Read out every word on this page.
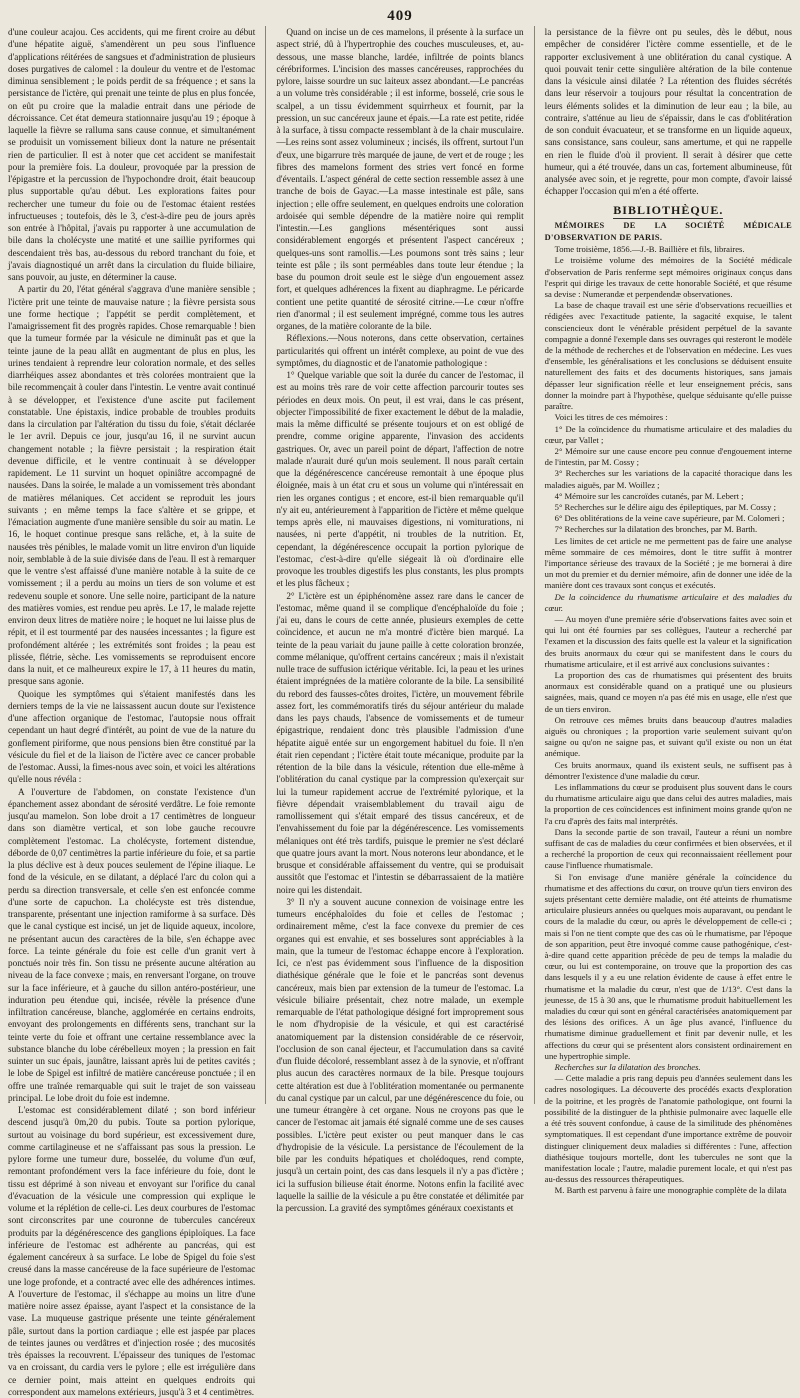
409

d'une couleur acajou. Ces accidents, qui me firent croire au début d'une hépatite aiguë, s'amendèrent un peu sous l'influence d'applications réitérées de sangsues et d'administration de plusieurs doses purgatives de calomel : la douleur du ventre et de l'estomac diminua sensiblement ; le poids perdit de sa fréquence ; et sans la persistance de l'ictère, qui prenait une teinte de plus en plus foncée, on eût pu croire que la maladie entrait dans une période de décroissance. Cet état demeura stationnaire jusqu'au 19 ; époque à laquelle la fièvre se ralluma sans cause connue, et simultanément se produisit un vomissement bilieux dont la nature ne présentait rien de particulier. Il est à noter que cet accident se manifestait pour la première fois. La douleur, provoquée par la pression de l'épigastre et la percussion de l'hypochondre droit, était beaucoup plus supportable qu'au début. Les explorations faites pour rechercher une tumeur du foie ou de l'estomac étaient restées infructueuses ; toutefois, dès le 3, c'est-à-dire peu de jours après son entrée à l'hôpital, j'avais pu rapporter à une accumulation de bile dans la cholécyste une matité et une saillie pyriformes qui descendaient très bas, au-dessous du rebord tranchant du foie, et j'avais diagnostiqué un arrêt dans la circulation du fluide biliaire, sans pouvoir, au juste, en déterminer la cause.

A partir du 20, l'état général s'aggrava d'une manière sensible ; l'ictère prit une teinte de mauvaise nature ; la fièvre persista sous une forme hectique ; l'appétit se perdit complètement, et l'amaigrissement fit des progrès rapides. Chose remarquable ! bien que la tumeur formée par la vésicule ne diminuât pas et que la teinte jaune de la peau allât en augmentant de plus en plus, les urines tendaient à reprendre leur coloration normale, et des selles diarrhéiques assez abondantes et très colorées montraient que la bile recommençait à couler dans l'intestin. Le ventre avait continué à se développer, et l'existence d'une ascite put facilement constatable. Une épistaxis, indice probable de troubles produits dans la circulation par l'altération du tissu du foie, s'était déclarée le 1er avril. Depuis ce jour, jusqu'au 16, il ne survint aucun changement notable ; la fièvre persistait ; la respiration était devenue difficile, et le ventre continuait à se développer rapidement. Le 11 survint un hoquet opiniâtre accompagné de nausées. Dans la soirée, le malade a un vomissement très abondant de matières mélaniques. Cet accident se reproduit les jours suivants ; en même temps la face s'altère et se grippe, et l'émaciation augmente d'une manière sensible du soir au matin. Le 16, le hoquet continue presque sans relâche, et, à la suite de nausées très pénibles, le malade vomit un litre environ d'un liquide noir, semblable à de la suie divisée dans de l'eau. Il est à remarquer que le ventre s'est affaissé d'une manière notable à la suite de ce vomissement ; il a perdu au moins un tiers de son volume et est redevenu souple et sonore. Une selle noire, participant de la nature des matières vomies, est rendue peu après. Le 17, le malade rejette environ deux litres de matière noire ; le hoquet ne lui laisse plus de répit, et il est tourmenté par des nausées incessantes ; la figure est profondément altérée ; les extrémités sont froides ; la peau est plissée, flétrie, sèche. Les vomissements se reproduisent encore dans la nuit, et ce malheureux expire le 17, à 11 heures du matin, presque sans agonie.

Quoique les symptômes qui s'étaient manifestés dans les derniers temps de la vie ne laissassent aucun doute sur l'existence d'une affection organique de l'estomac, l'autopsie nous offrait cependant un haut degré d'intérêt, au point de vue de la nature du gonflement piriforme, que nous pensions bien être constitué par la vésicule du fiel et de la liaison de l'ictère avec ce cancer probable de l'estomac. Aussi, la fimes-nous avec soin, et voici les altérations qu'elle nous révéla :

A l'ouverture de l'abdomen, on constate l'existence d'un épanchement assez abondant de sérosité verdâtre. Le foie remonte jusqu'au mamelon. Son lobe droit a 17 centimètres de longueur dans son diamètre vertical, et son lobe gauche recouvre complètement l'estomac. La cholécyste, fortement distendue, déborde de 0,07 centimètres la partie inférieure du foie, et sa partie la plus déclive est à deux pouces seulement de l'épine iliaque. Le fond de la vésicule, en se dilatant, a déplacé l'arc du colon qui a perdu sa direction transversale, et celle s'en est enfoncée comme d'une sorte de capuchon. La cholécyste est très distendue, transparente, présentant une injection ramiforme à sa surface. Dès que le canal cystique est incisé, un jet de liquide aqueux, incolore, ne présentant aucun des caractères de la bile, s'en échappe avec force. La teinte générale du foie est celle d'un granit vert à ponctués noir très fin. Son tissu ne présente aucune altération au niveau de la face convexe ; mais, en renversant l'organe, on trouve sur la face inférieure, et à gauche du sillon antéro-postérieur, une induration peu étendue qui, incisée, révèle la présence d'une infiltration cancéreuse, blanche, agglomérée en certains endroits, envoyant des prolongements en différents sens, tranchant sur la teinte verte du foie et offrant une certaine ressemblance avec la substance blanche du lobe cérébelleux moyen ; la pression en fait suinter un suc épais, jaunâtre, laissant après lui de petites cavités ; le lobe de Spigel est infiltré de matière cancéreuse ponctuée ; il en offre une traînée remarquable qui suit le trajet de son vaisseau principal. Le lobe droit du foie est indemne.

L'estomac est considérablement dilaté ; son bord inférieur descend jusqu'à 0m,20 du pubis. Toute sa portion pylorique, surtout au voisinage du bord supérieur, est excessivement dure, comme cartilagineuse et ne s'affaissant pas sous la pression. Le pylore forme une tumeur dure, bosselée, du volume d'un œuf, remontant profondément vers la face inférieure du foie, dont le tissu est déprimé à son niveau et envoyant sur l'orifice du canal d'évacuation de la vésicule une compression qui explique le volume et la réplétion de celle-ci. Les deux courbures de l'estomac sont circonscrites par une couronne de tubercules cancéreux produits par la dégénérescence des ganglions épiploïques. La face inférieure de l'estomac est adhérente au pancréas, qui est également cancéreux à sa surface. Le lobe de Spigel du foie s'est creusé dans la masse cancéreuse de la face supérieure de l'estomac une loge profonde, et a contracté avec elle des adhérences intimes. A l'ouverture de l'estomac, il s'échappe au moins un litre d'une matière noire assez épaisse, ayant l'aspect et la consistance de la vase. La muqueuse gastrique présente une teinte généralement pâle, surtout dans la portion cardiaque ; elle est jaspée par places de teintes jaunes ou verdâtres et d'injection rosée ; des mucosités très épaisses la recouvrent. L'épaisseur des tuniques de l'estomac va en croissant, du cardia vers le pylore ; elle est irrégulière dans ce dernier point, mais atteint en quelques endroits qui correspondent aux mamelons extérieurs, jusqu'à 3 et 4 centimètres.

Quand on incise un de ces mamelons, il présente à la surface un aspect strié, dû à l'hypertrophie des couches musculeuses, et, au-dessous, une masse blanche, lardée, infiltrée de points blancs cérébriformes. L'incision des masses cancéreuses, rapprochées du pylore, laisse sourdre un suc laiteux assez abondant.—Le pancréas a un volume très considérable ; il est informe, bosselé, crie sous le scalpel, a un tissu évidemment squirrheux et fournit, par la pression, un suc cancéreux jaune et épais.—La rate est petite, ridée à la surface, à tissu compacte ressemblant à de la chair musculaire.—Les reins sont assez volumineux ; incisés, ils offrent, surtout l'un d'eux, une bigarrure très marquée de jaune, de vert et de rouge ; les fibres des mamelons forment des stries vert foncé en forme d'éventails. L'aspect général de cette section ressemble assez à une tranche de bois de Gayac.—La masse intestinale est pâle, sans injection ; elle offre seulement, en quelques endroits une coloration ardoisée qui semble dépendre de la matière noire qui remplit l'intestin.—Les ganglions mésentériques sont aussi considérablement engorgés et présentent l'aspect cancéreux ; quelques-uns sont ramollis.—Les poumons sont très sains ; leur teinte est pâle ; ils sont perméables dans toute leur étendue ; la base du poumon droit seule est le siège d'un engouement assez fort, et quelques adhérences la fixent au diaphragme. Le péricarde contient une petite quantité de sérosité citrine.—Le cœur n'offre rien d'anormal ; il est seulement imprégné, comme tous les autres organes, de la matière colorante de la bile.

Réflexions.—Nous noterons, dans cette observation, certaines particularités qui offrent un intérêt complexe, au point de vue des symptômes, du diagnostic et de l'anatomie pathologique :

1° Quelque variable que soit la durée du cancer de l'estomac, il est au moins très rare de voir cette affection parcourir toutes ses périodes en deux mois. On peut, il est vrai, dans le cas présent, objecter l'impossibilité de fixer exactement le début de la maladie, mais la même difficulté se présente toujours et on est obligé de prendre, comme origine apparente, l'invasion des accidents gastriques. Or, avec un pareil point de départ, l'affection de notre malade n'aurait duré qu'un mois seulement. Il nous paraît certain que la dégénérescence cancéreuse remontait à une époque plus éloignée, mais à un état cru et sous un volume qui n'intéressait en rien les organes contigus ; et encore, est-il bien remarquable qu'il n'y ait eu, antérieurement à l'apparition de l'ictère et même quelque temps après elle, ni mauvaises digestions, ni vomiturations, ni nausées, ni perte d'appétit, ni troubles de la nutrition. Et, cependant, la dégénérescence occupait la portion pylorique de l'estomac, c'est-à-dire qu'elle siégeait là où d'ordinaire elle provoque les troubles digestifs les plus constants, les plus prompts et les plus fâcheux ;

2° L'ictère est un épiphénomène assez rare dans le cancer de l'estomac, même quand il se complique d'encéphaloïde du foie ; j'ai eu, dans le cours de cette année, plusieurs exemples de cette coïncidence, et aucun ne m'a montré d'ictère bien marqué. La teinte de la peau variait du jaune paille à cette coloration bronzée, comme mélanique, qu'offrent certains cancéreux ; mais il n'existait nulle trace de suffusion ictérique véritable. Ici, la peau et les urines étaient imprégnées de la matière colorante de la bile. La sensibilité du rebord des fausses-côtes droites, l'ictère, un mouvement fébrile assez fort, les commémoratifs tirés du séjour antérieur du malade dans les pays chauds, l'absence de vomissements et de tumeur épigastrique, rendaient donc très plausible l'admission d'une hépatite aiguë entée sur un engorgement habituel du foie. Il n'en était rien cependant ; l'ictère était toute mécanique, produite par la rétention de la bile dans la vésicule, rétention due elle-même à l'oblitération du canal cystique par la compression qu'exerçait sur lui la tumeur rapidement accrue de l'extrémité pylorique, et la fièvre dépendait vraisemblablement du travail aigu de ramollissement qui s'était emparé des tissus cancéreux, et de l'envahissement du foie par la dégénérescence. Les vomissements mélaniques ont été très tardifs, puisque le premier ne s'est déclaré que quatre jours avant la mort. Nous noterons leur abondance, et le brusque et considérable affaissement du ventre, qui se produisait aussitôt que l'estomac et l'intestin se débarrassaient de la matière noire qui les distendait.

3° Il n'y a souvent aucune connexion de voisinage entre les tumeurs encéphaloïdes du foie et celles de l'estomac ; ordinairement même, c'est la face convexe du premier de ces organes qui est envahie, et ses bosselures sont appréciables à la main, que la tumeur de l'estomac échappe encore à l'exploration. Ici, ce n'est pas évidemment sous l'influence de la disposition diathésique générale que le foie et le pancréas sont devenus cancéreux, mais bien par extension de la tumeur de l'estomac. La vésicule biliaire présentait, chez notre malade, un exemple remarquable de l'état pathologique désigné fort improprement sous le nom d'hydropisie de la vésicule, et qui est caractérisé anatomiquement par la distension considérable de ce réservoir, l'occlusion de son canal éjecteur, et l'accumulation dans sa cavité d'un fluide décoloré, ressemblant assez à de la synovie, et n'offrant plus aucun des caractères normaux de la bile. Presque toujours cette altération est due à l'oblitération momentanée ou permanente du canal cystique par un calcul, par une dégénérescence du foie, ou une tumeur étrangère à cet organe. Nous ne croyons pas que le cancer de l'estomac ait jamais été signalé comme une de ses causes possibles. L'ictère peut exister ou peut manquer dans le cas d'hydropisie de la vésicule. La persistance de l'écoulement de la bile par les conduits hépatiques et cholédoques, rend compte, jusqu'à un certain point, des cas dans lesquels il n'y a pas d'ictère ; ici la suffusion bilieuse était énorme. Notons enfin la facilité avec laquelle la saillie de la vésicule a pu être constatée et délimitée par la percussion. La gravité des symptômes généraux coexistants et

la persistance de la fièvre ont pu seules, dès le début, nous empêcher de considérer l'ictère comme essentielle, et de le rapporter exclusivement à une oblitération du canal cystique. A quoi pouvait tenir cette singulière altération de la bile contenue dans la vésicule ainsi dilatée ? La rétention des fluides sécrétés dans leur réservoir a toujours pour résultat la concentration de leurs éléments solides et la diminution de leur eau ; la bile, au contraire, s'atténue au lieu de s'épaissir, dans le cas d'oblitération de son conduit évacuateur, et se transforme en un liquide aqueux, sans consistance, sans couleur, sans amertume, et qui ne rappelle en rien le fluide d'où il provient. Il serait à désirer que cette humeur, qui a été trouvée, dans un cas, fortement albumineuse, fût analysée avec soin, et je regrette, pour mon compte, d'avoir laissé échapper l'occasion qui m'en a été offerte.

BIBLIOTHÈQUE.

MÉMOIRES DE LA SOCIÉTÉ MÉDICALE D'OBSERVATION DE PARIS.

Tome troisième, 1856.—J.-B. Baillière et fils, libraires.

Le troisième volume des mémoires de la Société médicale d'observation de Paris renferme sept mémoires originaux conçus dans l'esprit qui dirige les travaux de cette honorable Société, et que résume sa devise : Numerandæ et perpendendæ observationes.

La base de chaque travail est une série d'observations recueillies et rédigées avec l'exactitude patiente, la sagacité exquise, le talent consciencieux dont le vénérable président perpétuel de la savante compagnie a donné l'exemple dans ses ouvrages qui resteront le modèle de la méthode de recherches et de l'observation en médecine. Les vues d'ensemble, les généralisations et les conclusions se déduisent ensuite naturellement des faits et des documents historiques, sans jamais dépasser leur signification réelle et leur enseignement précis, sans donner la moindre part à l'hypothèse, quelque séduisante qu'elle puisse paraître.

Voici les titres de ces mémoires :

1° De la coïncidence du rhumatisme articulaire et des maladies du cœur, par Vallet ;

2° Mémoire sur une cause encore peu connue d'engouement interne de l'intestin, par M. Cossy ;

3° Recherches sur les variations de la capacité thoracique dans les maladies aiguës, par M. Woillez ;

4° Mémoire sur les cancroïdes cutanés, par M. Lebert ;

5° Recherches sur le délire aigu des épileptiques, par M. Cossy ;

6° Des oblitérations de la veine cave supérieure, par M. Colomeri ;

7° Recherches sur la dilatation des bronches, par M. Barth.

Les limites de cet article ne me permettent pas de faire une analyse même sommaire de ces mémoires, dont le titre suffit à montrer l'importance sérieuse des travaux de la Société ; je me bornerai à dire un mot du premier et du dernier mémoire, afin de donner une idée de la manière dont ces travaux sont conçus et exécutés.

De la coïncidence du rhumatisme articulaire et des maladies du cœur.

— Au moyen d'une première série d'observations faites avec soin et qui lui ont été fournies par ses collègues, l'auteur a recherché par l'examen et la discussion des faits quelle est la valeur et la signification des bruits anormaux du cœur qui se manifestent dans le cours du rhumatisme articulaire, et il est arrivé aux conclusions suivantes :

La proportion des cas de rhumatismes qui présentent des bruits anormaux est considérable quand on a pratiqué une ou plusieurs saignées, mais, quand ce moyen n'a pas été mis en usage, elle n'est que de un tiers environ.

On retrouve ces mêmes bruits dans beaucoup d'autres maladies aiguës ou chroniques ; la proportion varie seulement suivant qu'on saigne ou qu'on ne saigne pas, et suivant qu'il existe ou non un état anémique.

Ces bruits anormaux, quand ils existent seuls, ne suffisent pas à démontrer l'existence d'une maladie du cœur.

Les inflammations du cœur se produisent plus souvent dans le cours du rhumatisme articulaire aigu que dans celui des autres maladies, mais la proportion de ces coïncidences est infiniment moins grande qu'on ne l'a cru d'après des faits mal interprétés.

Dans la seconde partie de son travail, l'auteur a réuni un nombre suffisant de cas de maladies du cœur confirmées et bien observées, et il a recherché la proportion de ceux qui reconnaissaient réellement pour cause l'influence rhumatismale.

Si l'on envisage d'une manière générale la coïncidence du rhumatisme et des affections du cœur, on trouve qu'un tiers environ des sujets présentant cette dernière maladie, ont été atteints de rhumatisme articulaire plusieurs années ou quelques mois auparavant, ou pendant le cours de la maladie du cœur, ou après le développement de celle-ci ; mais si l'on ne tient compte que des cas où le rhumatisme, par l'époque de son apparition, peut être invoqué comme cause pathogénique, c'est-à-dire quand cette apparition précède de peu de temps la maladie du cœur, ou lui est contemporaine, on trouve que la proportion des cas dans lesquels il y a eu une relation évidente de cause à effet entre le rhumatisme et la maladie du cœur, n'est que de 1/13°. C'est dans la jeunesse, de 15 à 30 ans, que le rhumatisme produit habituellement les maladies du cœur qui sont en général caractérisées anatomiquement par des lésions des orifices. A un âge plus avancé, l'influence du rhumatisme diminue graduellement et finit par devenir nulle, et les affections du cœur qui se présentent alors consistent ordinairement en une hypertrophie simple.

Recherches sur la dilatation des bronches.

— Cette maladie a pris rang depuis peu d'années seulement dans les cadres nosologiques. La découverte des procédés exacts d'exploration de la poitrine, et les progrès de l'anatomie pathologique, ont fourni la possibilité de la distinguer de la phthisie pulmonaire avec laquelle elle a été très souvent confondue, à cause de la similitude des phénomènes symptomatiques. Il est cependant d'une importance extrême de pouvoir distinguer cliniquement deux maladies si différentes : l'une, affection diathésique toujours mortelle, dont les tubercules ne sont que la manifestation locale ; l'autre, maladie purement locale, et qui n'est pas au-dessus des ressources thérapeutiques.

M. Barth est parvenu à faire une monographie complète de la dilata
